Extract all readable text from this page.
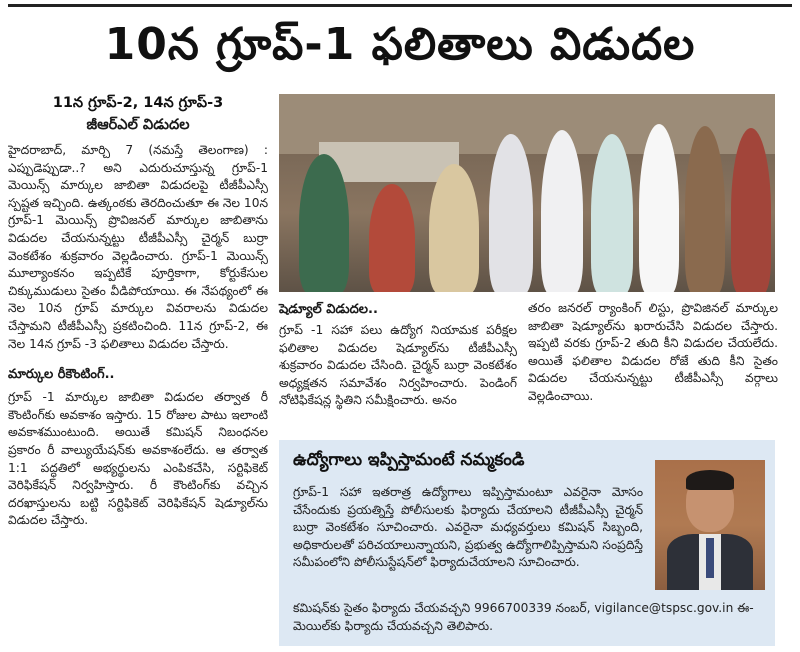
10న గ్రూప్-1 ఫలితాలు విడుదల
11న గ్రూప్-2, 14న గ్రూప్-3
జీఆర్ఎల్ విడుదల

హైదరాబాద్, మార్చి 7 (నమస్తే తెలంగాణ) : ఎప్పుడెప్పుడా..? అని ఎదురుచూస్తున్న గ్రూప్-1 మెయిన్స్ మార్కుల జాబితా విడుదలపై టీజీపీఎస్సీ స్పష్టత ఇచ్చింది. ఉత్కంఠకు తెరదించుతూ ఈ నెల 10న గ్రూప్-1 మెయిన్స్ ప్రొవిజనల్ మార్కుల జాబితాను విడుదల చేయనున్నట్టు టీజీపీఎస్సీ చైర్మన్ బుర్రా వెంకటేశం శుక్రవారం వెల్లడించారు. గ్రూప్-1 మెయిన్స్ మూల్యాంకనం ఇప్పటికే పూర్తికాగా, కోర్టుకేసుల చిక్కుముడులు సైతం వీడిపోయాయి. ఈ నేపథ్యంలో ఈ నెల 10న గ్రూప్ మార్కుల వివరాలను విడుదల చేస్తామని టీజీపీఎస్సీ ప్రకటించింది. 11న గ్రూప్-2, ఈ నెల 14న గ్రూప్ -3 ఫలితాలు విడుదల చేస్తారు.

మార్కుల రీకౌంటింగ్..

గ్రూప్ -1 మార్కుల జాబితా విడుదల తర్వాత రీ కౌంటింగ్‌కు అవకాశం ఇస్తారు. 15 రోజుల పాటు ఇలాంటి అవకాశముంటుంది. అయితే కమిషన్ నిబంధనల ప్రకారం రీ వాల్యుయేషన్‌కు అవకాశంలేదు. ఆ తర్వాత 1:1 పద్ధతిలో అభ్యర్థులను ఎంపికచేసి, సర్టిఫికెట్ వెరిఫికేషన్ నిర్వహిస్తారు. రీ కౌంటింగ్‌కు వచ్చిన దరఖాస్తులను బట్టి సర్టిఫికెట్ వెరిఫికేషన్ షెడ్యూల్‌ను విడుదల చేస్తారు.

షెడ్యూల్ విడుదల..

గ్రూప్ -1 సహా పలు ఉద్యోగ నియామక పరీక్షల ఫలితాల విడుదల షెడ్యూల్‌ను టీజీపీఎస్సీ శుక్రవారం విడుదల చేసింది. చైర్మన్ బుర్రా వెంకటేశం అధ్యక్షతన సమావేశం నిర్వహించారు. పెండింగ్ నోటిఫికేషన్ల స్థితిని సమీక్షించారు. అనం

తరం జనరల్ ర్యాంకింగ్ లిస్టు, ప్రొవిజినల్ మార్కుల జాబితా షెడ్యూల్‌ను ఖరారుచేసి విడుదల చేస్తారు. ఇప్పటి వరకు గ్రూప్-2 తుది కీని విడుదల చేయలేదు. అయితే ఫలితాల విడుదల రోజే తుది కీని సైతం విడుదల చేయనున్నట్టు టీజీపీఎస్సీ వర్గాలు వెల్లడించాయి.

ఉద్యోగాలు ఇప్పిస్తామంటే నమ్మకండి
గ్రూప్-1 సహా ఇతరాత్ర ఉద్యోగాలు ఇప్పిస్తామంటూ ఎవరైనా మోసం చేసేందుకు ప్రయత్నిస్తే పోలీసులకు ఫిర్యాదు చేయాలని టీజీపీఎస్సీ చైర్మన్ బుర్రా వెంకటేశం సూచించారు. ఎవరైనా మధ్యవర్తులు కమిషన్ సిబ్బంది, అధికారులతో పరిచయాలున్నాయని, ప్రభుత్వ ఉద్యోగాలిప్పిస్తామని సంప్రదిస్తే సమీపంలోని పోలీసుస్టేషన్‌లో ఫిర్యాదుచేయాలని సూచించారు.
కమిషన్‌కు సైతం ఫిర్యాదు చేయవచ్చని 9966700339 నంబర్, vigilance@tspsc.gov.in ఈ-మెయిల్‌కు ఫిర్యాదు చేయవచ్చని తెలిపారు.
